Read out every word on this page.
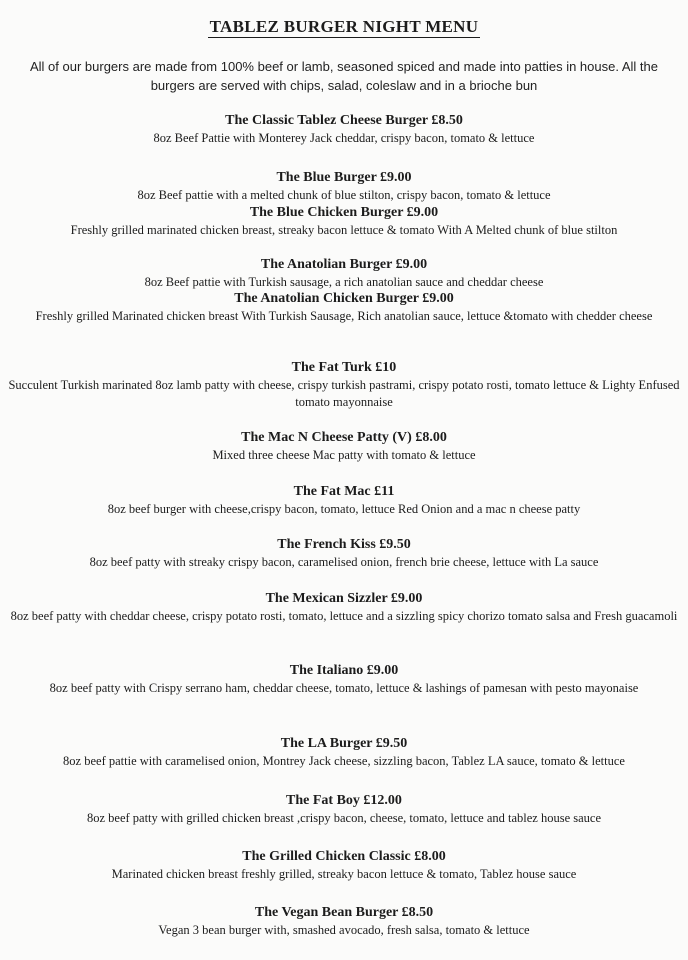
TABLEZ BURGER NIGHT MENU
All of our burgers are made from 100% beef or lamb, seasoned spiced and made into patties in house. All the burgers are served with chips, salad, coleslaw and in a brioche bun
The Classic Tablez Cheese Burger £8.50
8oz Beef Pattie with Monterey Jack cheddar, crispy bacon, tomato & lettuce
The Blue Burger £9.00
8oz Beef pattie with a melted chunk of blue stilton, crispy bacon, tomato & lettuce
The Blue Chicken Burger £9.00
Freshly grilled marinated chicken breast, streaky bacon lettuce & tomato With A Melted chunk of blue stilton
The Anatolian Burger £9.00
8oz Beef pattie with Turkish sausage, a rich anatolian sauce and cheddar cheese
The Anatolian Chicken Burger £9.00
Freshly grilled Marinated chicken breast With Turkish Sausage, Rich anatolian sauce, lettuce &tomato with chedder cheese
The Fat Turk £10
Succulent Turkish marinated 8oz lamb patty with cheese, crispy turkish pastrami, crispy potato rosti, tomato lettuce & Lighty Enfused tomato mayonnaise
The Mac N Cheese Patty (V) £8.00
Mixed three cheese Mac patty with tomato & lettuce
The Fat Mac £11
8oz beef burger with cheese,crispy bacon, tomato, lettuce Red Onion and a mac n cheese patty
The French Kiss £9.50
8oz beef patty with streaky crispy bacon, caramelised onion, french brie cheese, lettuce with La sauce
The Mexican Sizzler £9.00
8oz beef patty with cheddar cheese, crispy potato rosti, tomato, lettuce and a sizzling spicy chorizo tomato salsa and Fresh guacamoli
The Italiano £9.00
8oz beef patty with Crispy serrano ham, cheddar cheese, tomato, lettuce & lashings of pamesan with pesto mayonaise
The LA Burger £9.50
8oz beef pattie with caramelised onion, Montrey Jack cheese, sizzling bacon, Tablez LA sauce, tomato & lettuce
The Fat Boy £12.00
8oz beef patty with grilled chicken breast ,crispy bacon, cheese, tomato, lettuce and tablez house sauce
The Grilled Chicken Classic £8.00
Marinated chicken breast freshly grilled, streaky bacon lettuce & tomato, Tablez house sauce
The Vegan Bean Burger £8.50
Vegan 3 bean burger with, smashed avocado, fresh salsa, tomato & lettuce
